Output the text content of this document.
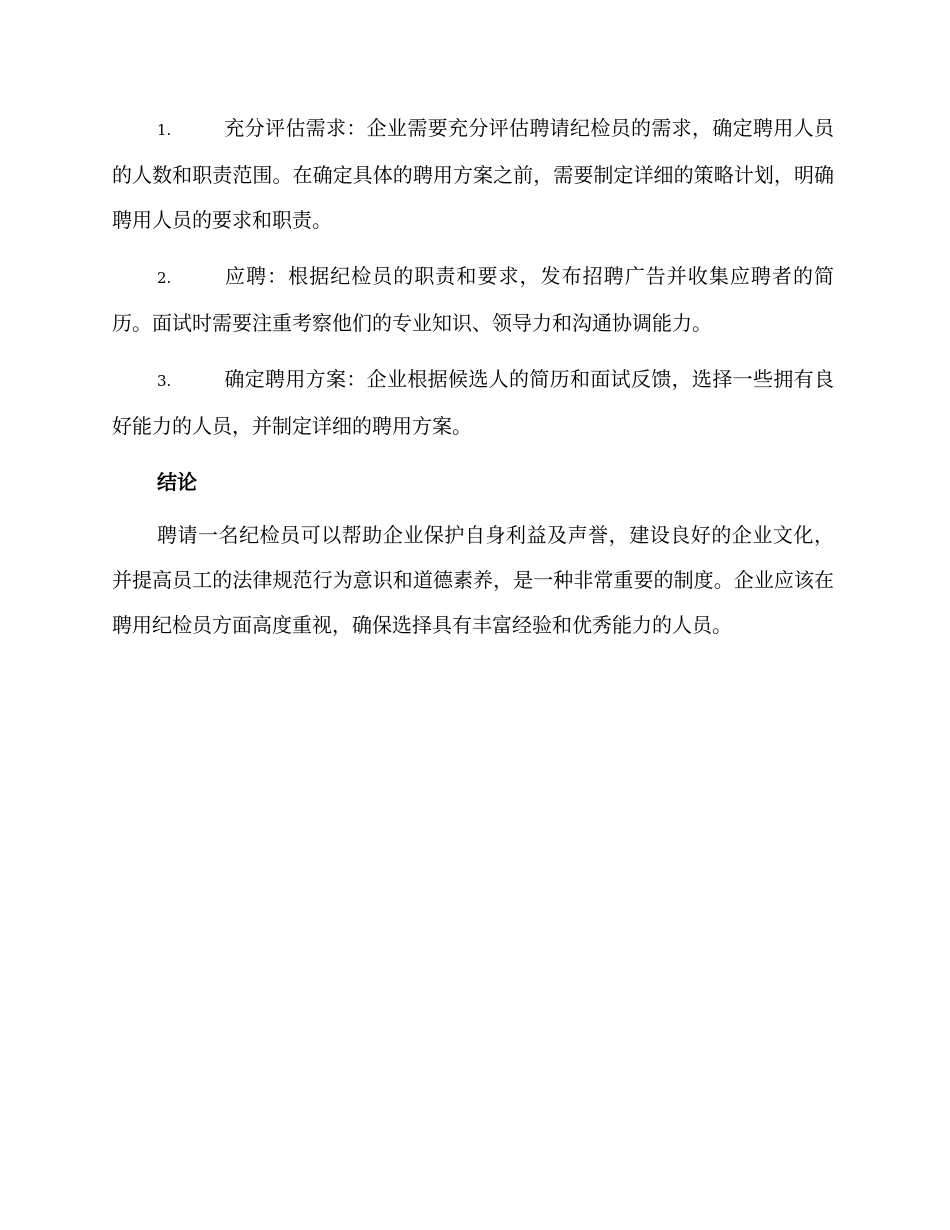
1.	充分评估需求：企业需要充分评估聘请纪检员的需求，确定聘用人员的人数和职责范围。在确定具体的聘用方案之前，需要制定详细的策略计划，明确聘用人员的要求和职责。
2.	应聘：根据纪检员的职责和要求，发布招聘广告并收集应聘者的简历。面试时需要注重考察他们的专业知识、领导力和沟通协调能力。
3.	确定聘用方案：企业根据候选人的简历和面试反馈，选择一些拥有良好能力的人员，并制定详细的聘用方案。
结论

聘请一名纪检员可以帮助企业保护自身利益及声誉，建设良好的企业文化，并提高员工的法律规范行为意识和道德素养，是一种非常重要的制度。企业应该在聘用纪检员方面高度重视，确保选择具有丰富经验和优秀能力的人员。
